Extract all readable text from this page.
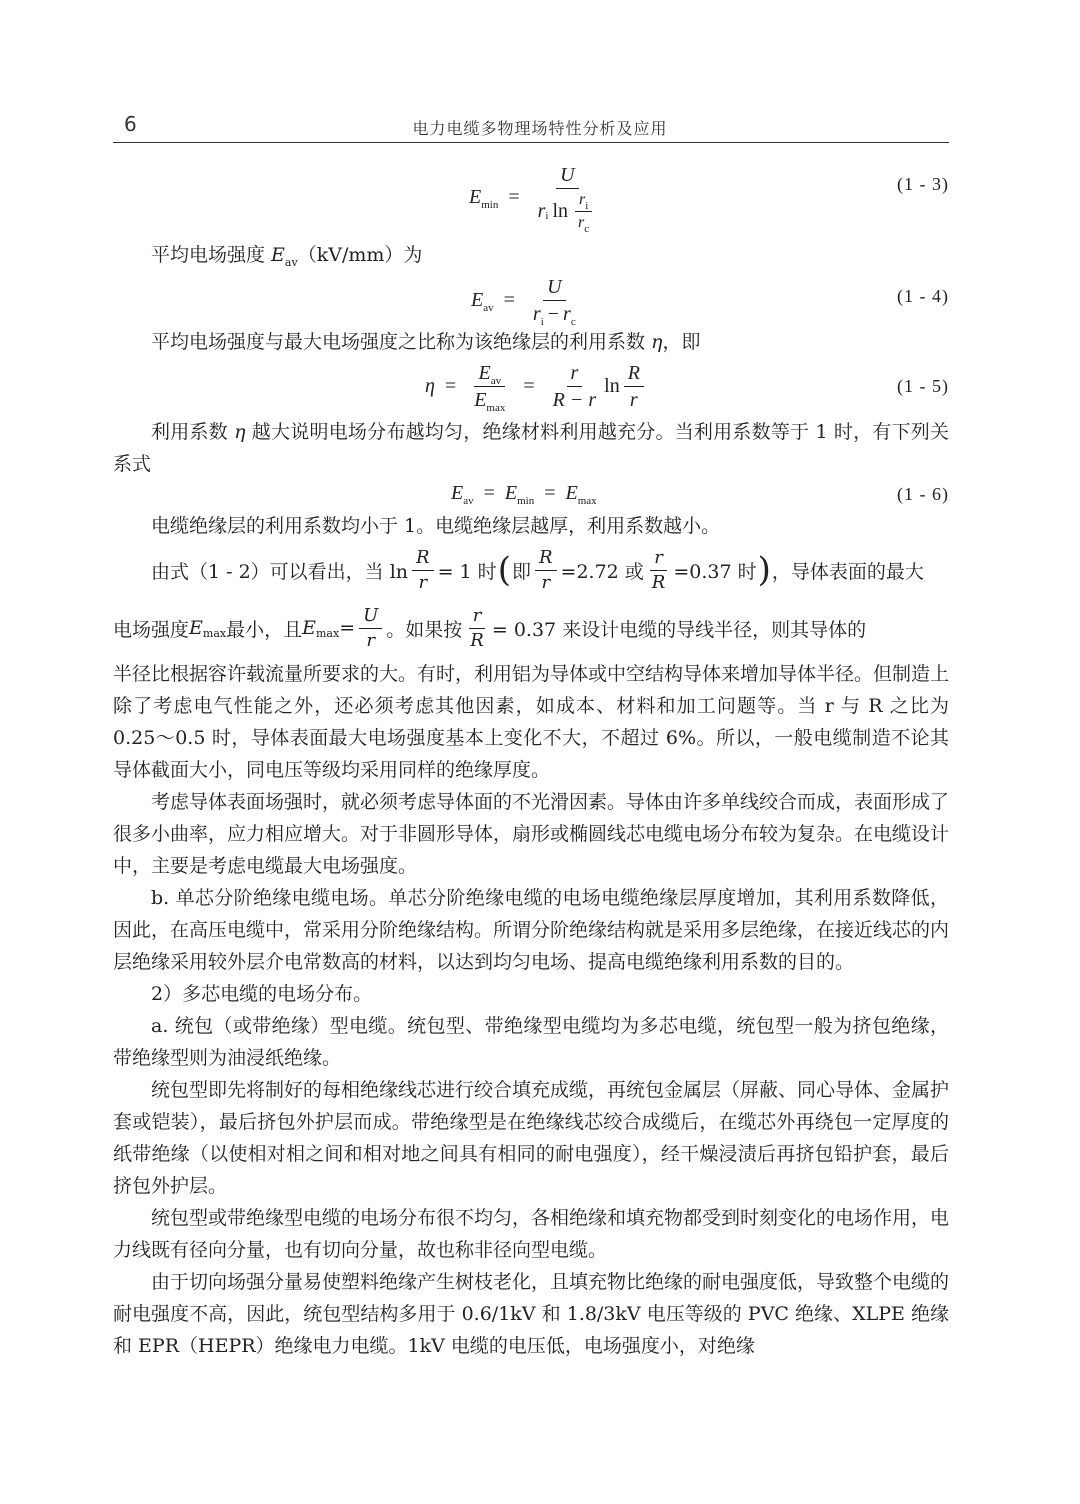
6	电力电缆多物理场特性分析及应用
$E_{min} = \frac{U}{r i \ln \frac{r_i}{r_c}}$	(1 - 3)

平均电场强度 $E_{av}(kV/mm)$为

$E_{av} = \frac{U}{r_i - r_c}$	(1 - 4)

平均电场强度与最大电场强度之比称为该绝缘层的利用系数 η，即

$\eta = \frac{E_{av}}{E_{max}} = \frac{r}{R - r}$ $\ln \frac{R}{r}$	(1 - 5)

利用系数 η 越大说明电场分布越均匀，绝缘材料利用越充分。当利用系数等于 1 时，有下列关系式

$E_{av} = E_{min} = E_{max}$	(1 - 6)

电缆绝缘层的利用系数均小于 1。电缆绝缘层越厚，利用系数越小。

由式（1 - 2）可以看出，当 $\ln \frac{R}{r} = 1$ 时 ( 即 $\frac{R}{r} =2.72$ 或 $\frac{r}{R} =0.37$ 时 ) ，导体表面的最大
电场强度 E max 最小，且 E $\max = \frac{U}{r}$ 。如果按 $\frac{r}{R} = 0.37$ 来设计电缆的导线半径，则其导体的

半径比根据容许载流量所要求的大。有时，利用铝为导体或中空结构导体来增加导体半径。但制造上除了考虑电气性能之外，还必须考虑其他因素，如成本、材料和加工问题等。当 r 与 R 之比为 0.25～0.5 时，导体表面最大电场强度基本上变化不大，不超过 6%。所以，一般电缆制造不论其导体截面大小，同电压等级均采用同样的绝缘厚度。

考虑导体表面场强时，就必须考虑导体面的不光滑因素。导体由许多单线绞合而成，表面形成了很多小曲率，应力相应增大。对于非圆形导体，扇形或椭圆线芯电缆电场分布较为复杂。在电缆设计中，主要是考虑电缆最大电场强度。

b. 单芯分阶绝缘电缆电场。单芯分阶绝缘电缆的电场电缆绝缘层厚度增加，其利用系数降低，因此，在高压电缆中，常采用分阶绝缘结构。所谓分阶绝缘结构就是采用多层绝缘，在接近线芯的内层绝缘采用较外层介电常数高的材料，以达到均匀电场、提高电缆绝缘利用系数的目的。

2）多芯电缆的电场分布。

a. 统包（或带绝缘）型电缆。统包型、带绝缘型电缆均为多芯电缆，统包型一般为挤包绝缘，带绝缘型则为油浸纸绝缘。

统包型即先将制好的每相绝缘线芯进行绞合填充成缆，再统包金属层（屏蔽、同心导体、金属护套或铠装），最后挤包外护层而成。带绝缘型是在绝缘线芯绞合成缆后，在缆芯外再绕包一定厚度的纸带绝缘（以使相对相之间和相对地之间具有相同的耐电强度），经干燥浸渍后再挤包铅护套，最后挤包外护层。

统包型或带绝缘型电缆的电场分布很不均匀，各相绝缘和填充物都受到时刻变化的电场作用，电力线既有径向分量，也有切向分量，故也称非径向型电缆。

由于切向场强分量易使塑料绝缘产生树枝老化，且填充物比绝缘的耐电强度低，导致整个电缆的耐电强度不高，因此，统包型结构多用于 0.6/1kV 和 1.8/3kV 电压等级的 PVC 绝缘、XLPE 绝缘和 EPR（HEPR）绝缘电力电缆。1kV 电缆的电压低，电场强度小，对绝缘
